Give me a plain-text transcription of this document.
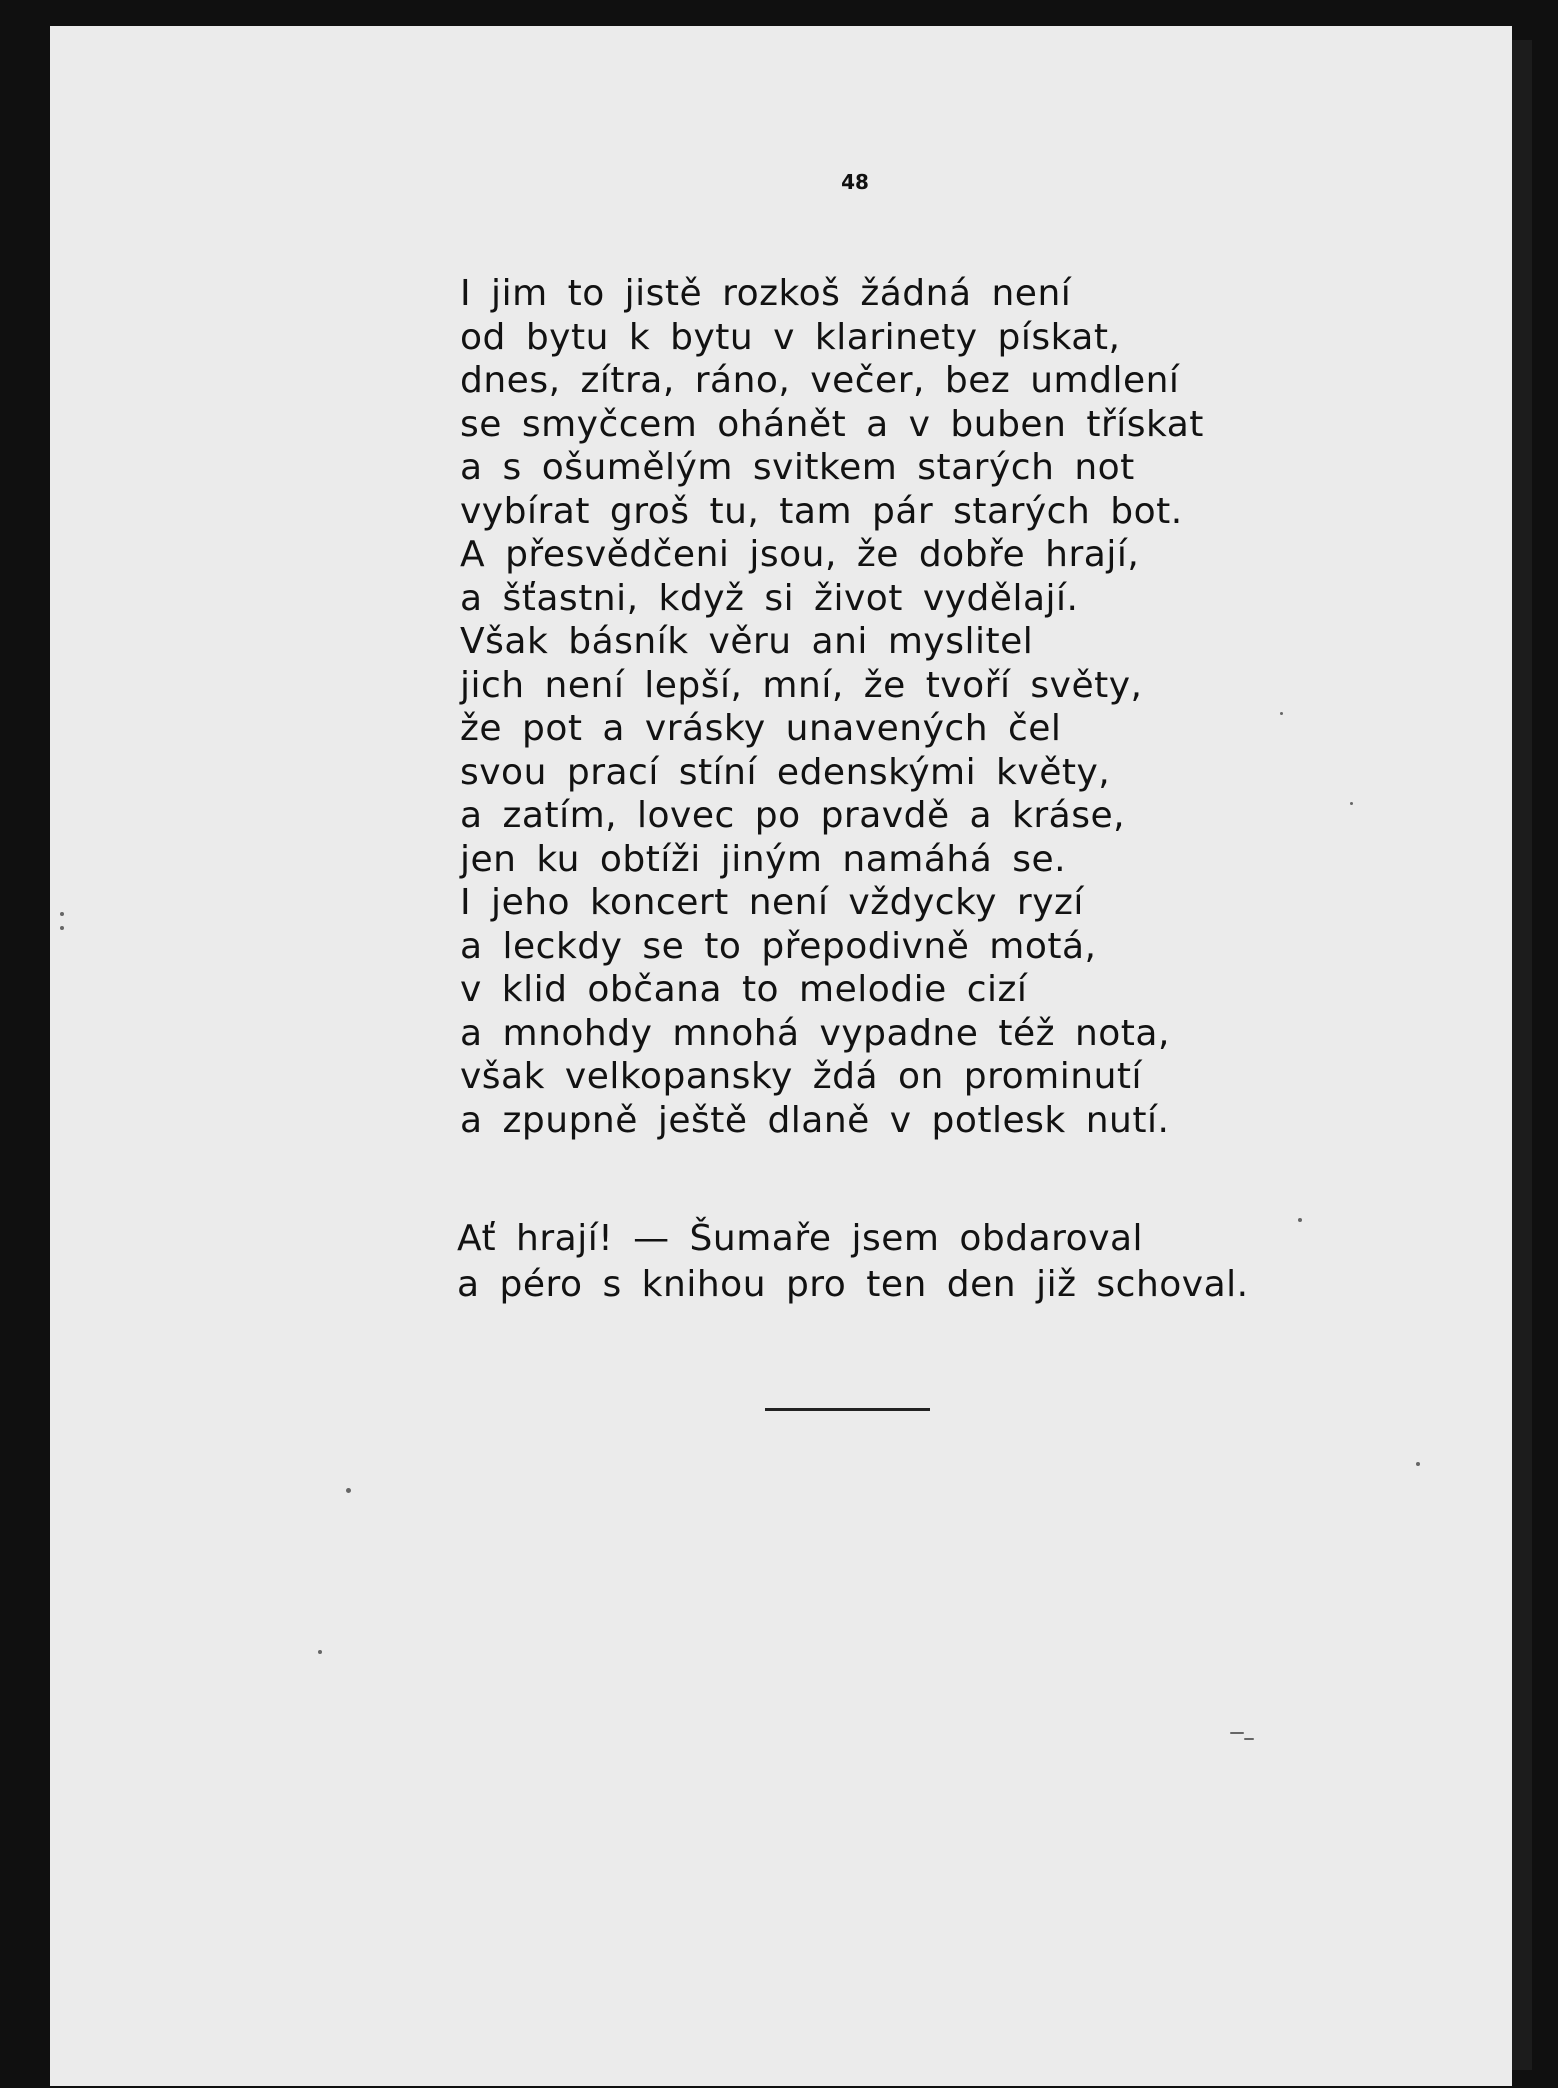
48
I jim to jistě rozkoš žádná není
od bytu k bytu v klarinety pískat,
dnes, zítra, ráno, večer, bez umdlení
se smyčcem ohánět a v buben třískat
a s ošumělým svitkem starých not
vybírat groš tu, tam pár starých bot.
A přesvědčeni jsou, že dobře hrají,
a šťastni, když si život vydělají.
Však básník věru ani myslitel
jich není lepší, mní, že tvoří světy,
že pot a vrásky unavených čel
svou prací stíní edenskými květy,
a zatím, lovec po pravdě a kráse,
jen ku obtíži jiným namáhá se.
I jeho koncert není vždycky ryzí
a leckdy se to přepodivně motá,
v klid občana to melodie cizí
a mnohdy mnohá vypadne též nota,
však velkopansky ždá on prominutí
a zpupně ještě dlaně v potlesk nutí.
Ať hrají! — Šumaře jsem obdaroval
a péro s knihou pro ten den již schoval.
